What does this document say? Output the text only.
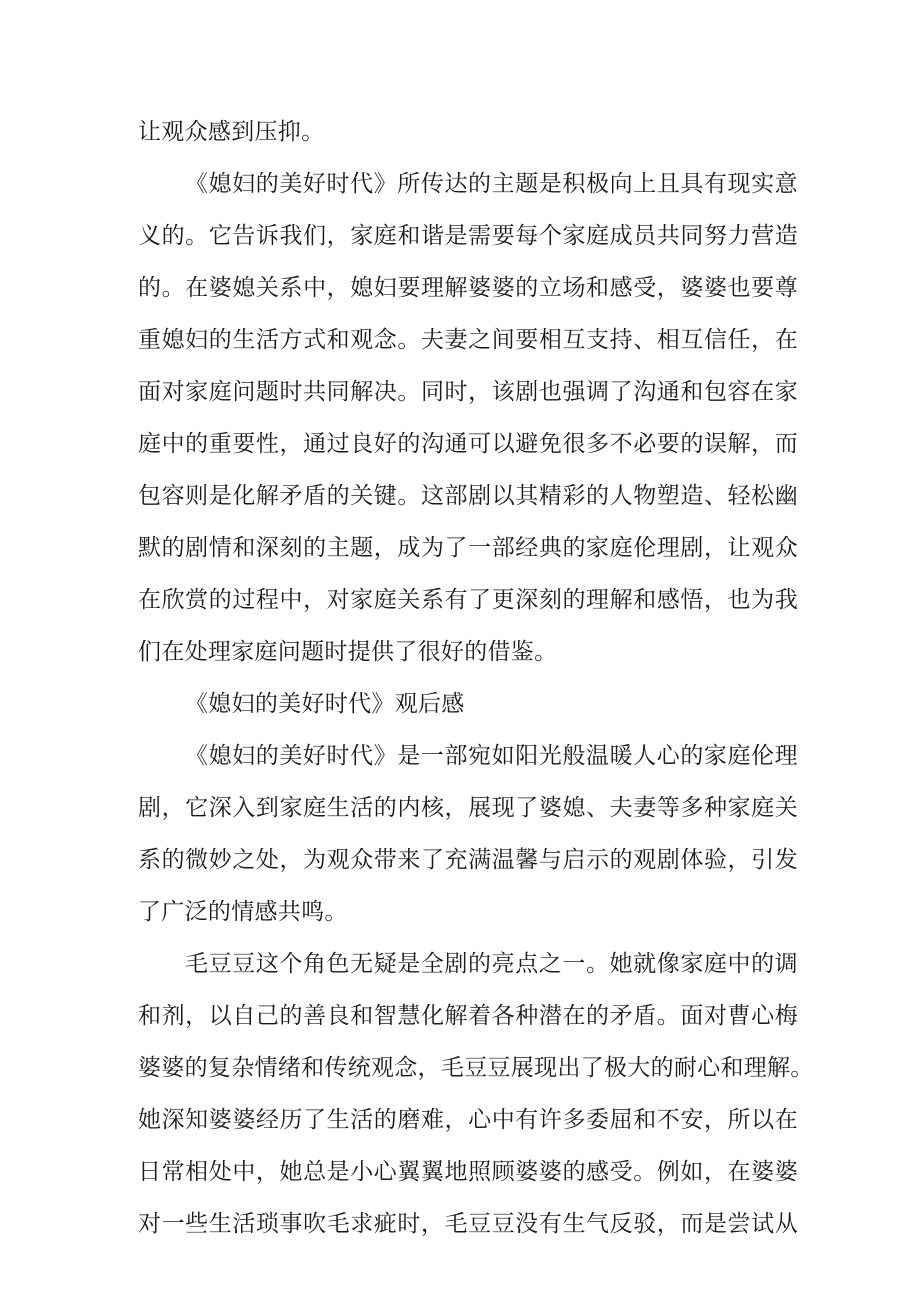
让观众感到压抑。
《媳妇的美好时代》所传达的主题是积极向上且具有现实意
义的。它告诉我们，家庭和谐是需要每个家庭成员共同努力营造
的。在婆媳关系中，媳妇要理解婆婆的立场和感受，婆婆也要尊
重媳妇的生活方式和观念。夫妻之间要相互支持、相互信任，在
面对家庭问题时共同解决。同时，该剧也强调了沟通和包容在家
庭中的重要性，通过良好的沟通可以避免很多不必要的误解，而
包容则是化解矛盾的关键。这部剧以其精彩的人物塑造、轻松幽
默的剧情和深刻的主题，成为了一部经典的家庭伦理剧，让观众
在欣赏的过程中，对家庭关系有了更深刻的理解和感悟，也为我
们在处理家庭问题时提供了很好的借鉴。
《媳妇的美好时代》观后感
《媳妇的美好时代》是一部宛如阳光般温暖人心的家庭伦理
剧，它深入到家庭生活的内核，展现了婆媳、夫妻等多种家庭关
系的微妙之处，为观众带来了充满温馨与启示的观剧体验，引发
了广泛的情感共鸣。
毛豆豆这个角色无疑是全剧的亮点之一。她就像家庭中的调
和剂，以自己的善良和智慧化解着各种潜在的矛盾。面对曹心梅
婆婆的复杂情绪和传统观念，毛豆豆展现出了极大的耐心和理解。
她深知婆婆经历了生活的磨难，心中有许多委屈和不安，所以在
日常相处中，她总是小心翼翼地照顾婆婆的感受。例如，在婆婆
对一些生活琐事吹毛求疵时，毛豆豆没有生气反驳，而是尝试从
